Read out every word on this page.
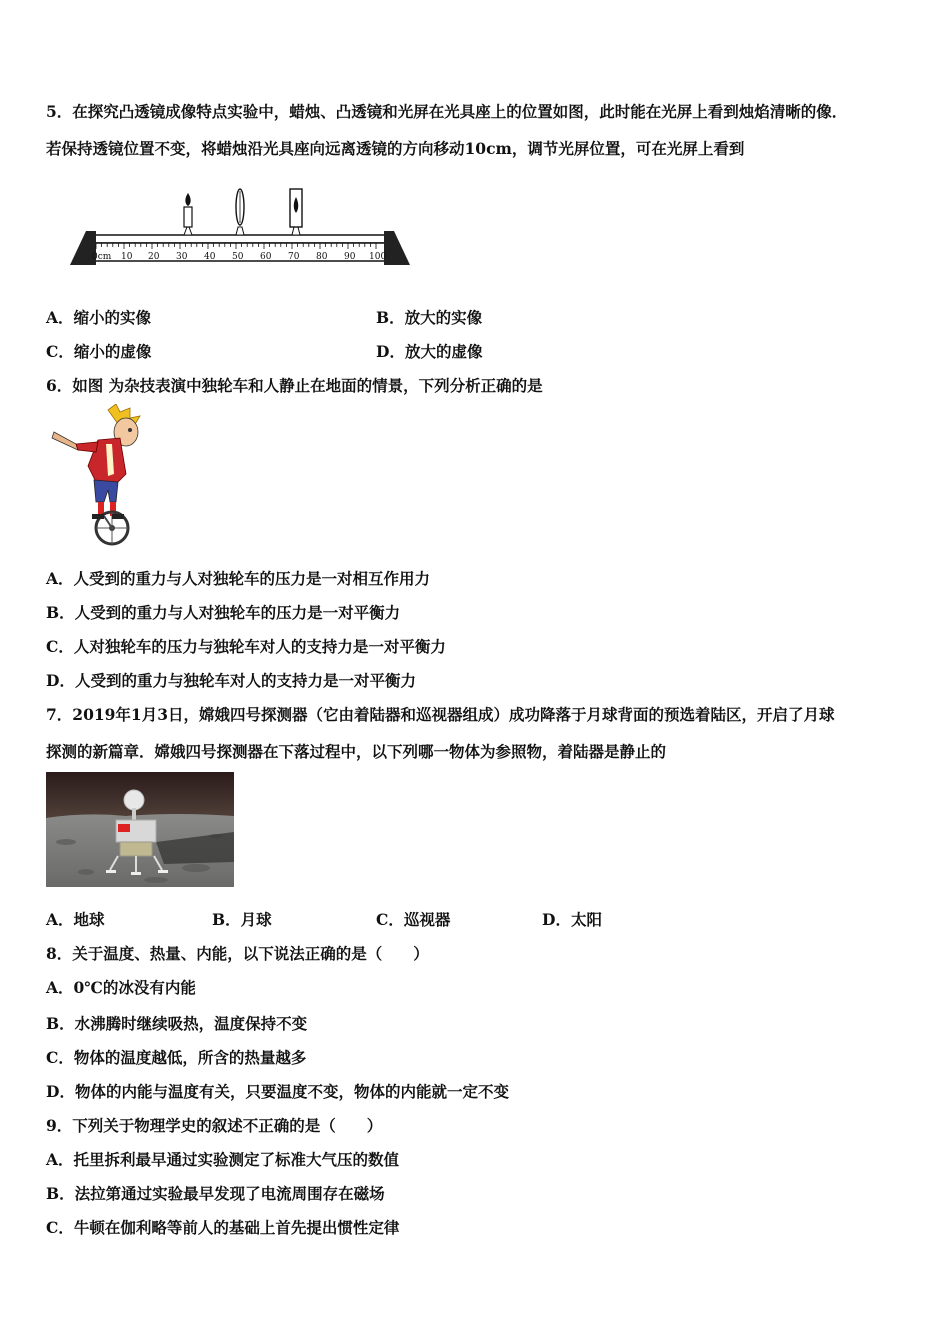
5．在探究凸透镜成像特点实验中，蜡烛、凸透镜和光屏在光具座上的位置如图，此时能在光屏上看到烛焰清晰的像．
若保持透镜位置不变，将蜡烛沿光具座向远离透镜的方向移动10cm，调节光屏位置，可在光屏上看到
0cm 10 20 30 40 50 60 70 80 90 100
A．缩小的实像	B．放大的实像
C．缩小的虚像	D．放大的虚像
6．如图 为杂技表演中独轮车和人静止在地面的情景，下列分析正确的是
A．人受到的重力与人对独轮车的压力是一对相互作用力
B．人受到的重力与人对独轮车的压力是一对平衡力
C．人对独轮车的压力与独轮车对人的支持力是一对平衡力
D．人受到的重力与独轮车对人的支持力是一对平衡力
7．2019年1月3日，嫦娥四号探测器（它由着陆器和巡视器组成）成功降落于月球背面的预选着陆区，开启了月球
探测的新篇章．嫦娥四号探测器在下落过程中，以下列哪一物体为参照物，着陆器是静止的
A．地球	B．月球	C．巡视器	D．太阳
8．关于温度、热量、内能，以下说法正确的是（　　）
A．0℃的冰没有内能
B．水沸腾时继续吸热，温度保持不变
C．物体的温度越低，所含的热量越多
D．物体的内能与温度有关，只要温度不变，物体的内能就一定不变
9．下列关于物理学史的叙述不正确的是（　　）
A．托里拆利最早通过实验测定了标准大气压的数值
B．法拉第通过实验最早发现了电流周围存在磁场
C．牛顿在伽利略等前人的基础上首先提出惯性定律
